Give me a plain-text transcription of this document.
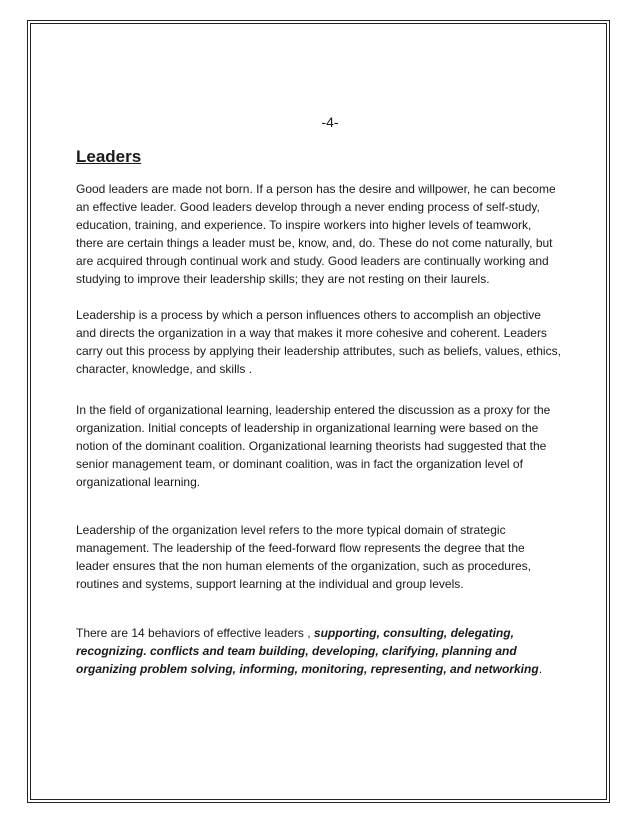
-4-
Leaders

Good leaders are made not born. If a person has the desire and willpower, he can become
an effective leader. Good leaders develop through a never ending process of self-study,
education, training, and experience. To inspire workers into higher levels of teamwork,
there are certain things a leader must be, know, and, do. These do not come naturally, but
are acquired through continual work and study. Good leaders are continually working and
studying to improve their leadership skills; they are not resting on their laurels.

Leadership is a process by which a person influences others to accomplish an objective
and directs the organization in a way that makes it more cohesive and coherent. Leaders
carry out this process by applying their leadership attributes, such as beliefs, values, ethics,
character, knowledge, and skills .

In the field of organizational learning, leadership entered the discussion as a proxy for the
organization. Initial concepts of leadership in organizational learning were based on the
notion of the dominant coalition. Organizational learning theorists had suggested that the
senior management team, or dominant coalition, was in fact the organization level of
organizational learning.

Leadership of the organization level refers to the more typical domain of strategic
management. The leadership of the feed-forward flow represents the degree that the
leader ensures that the non human elements of the organization, such as procedures,
routines and systems, support learning at the individual and group levels.

There are 14 behaviors of effective leaders , supporting, consulting, delegating,
recognizing. conflicts and team building, developing, clarifying, planning and
organizing problem solving, informing, monitoring, representing, and networking.
